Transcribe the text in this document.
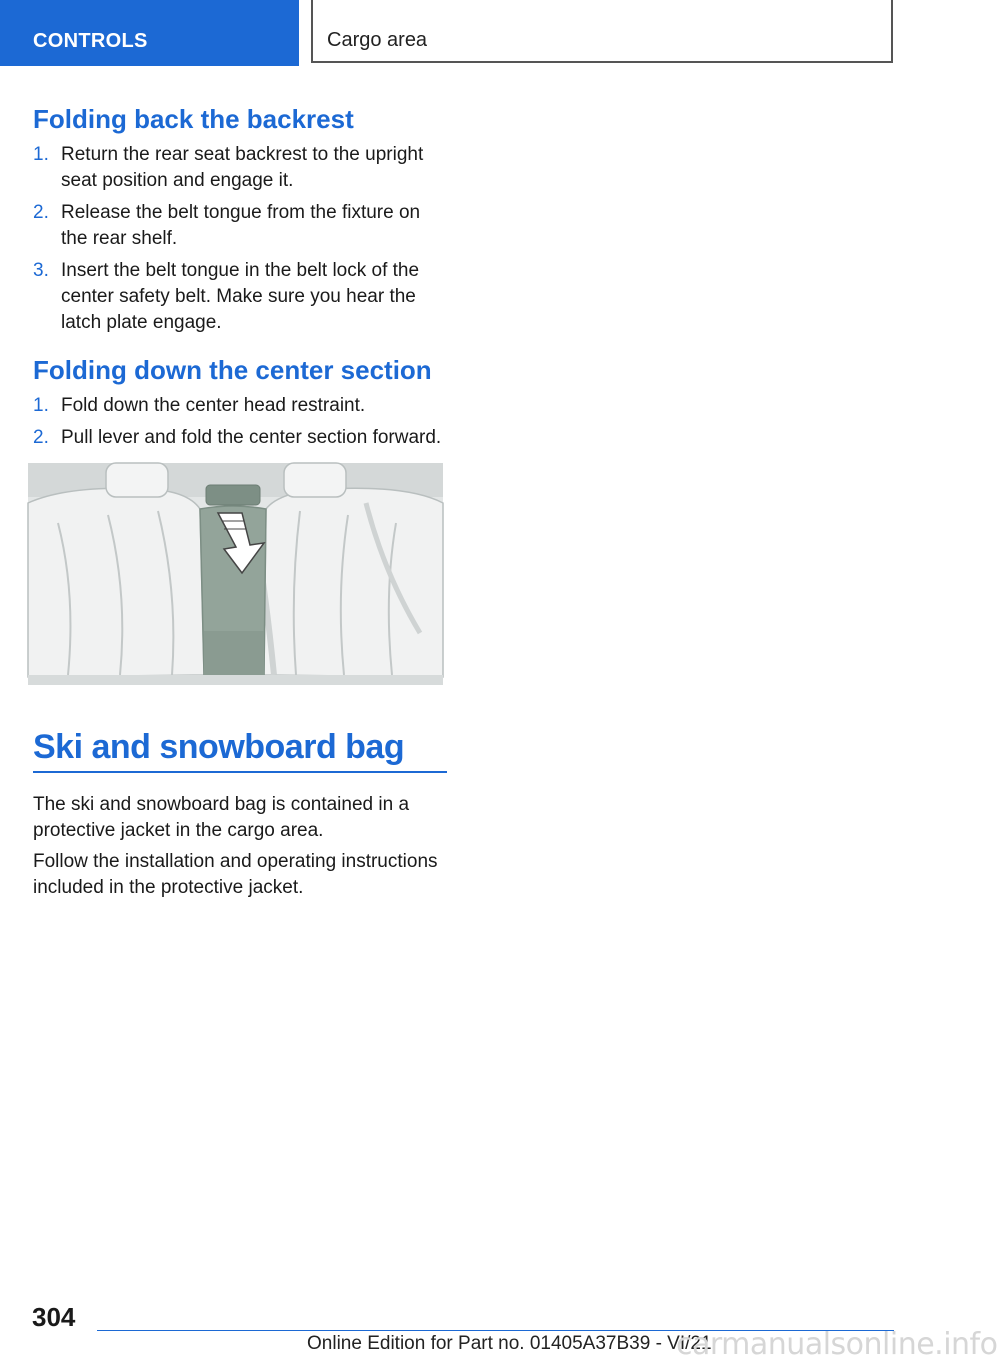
CONTROLS	Cargo area
Folding back the backrest
1. Return the rear seat backrest to the upright seat position and engage it.
2. Release the belt tongue from the fixture on the rear shelf.
3. Insert the belt tongue in the belt lock of the center safety belt. Make sure you hear the latch plate engage.
Folding down the center section
1. Fold down the center head restraint.
2. Pull lever and fold the center section forward.
Ski and snowboard bag

The ski and snowboard bag is contained in a protective jacket in the cargo area.

Follow the installation and operating instructions included in the protective jacket.

304
Online Edition for Part no. 01405A37B39 - VI/21
carmanualsonline.info
